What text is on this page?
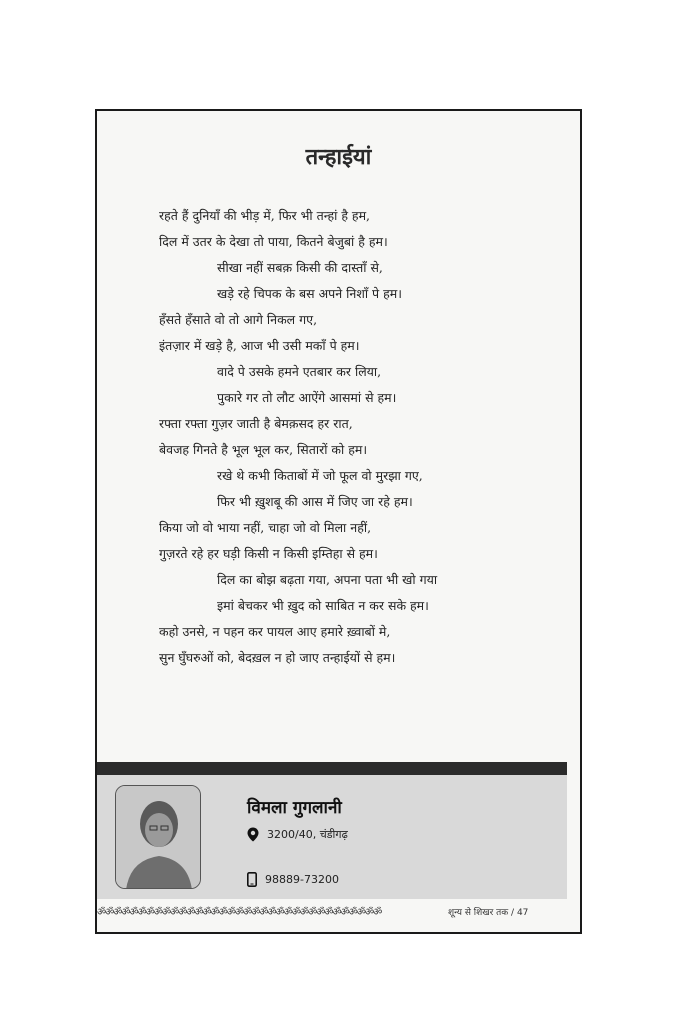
तन्हाईयां
रहते हैं दुनियाँ की भीड़ में, फिर भी तन्हां है हम,
दिल में उतर के देखा तो पाया, कितने बेजुबां है हम।
सीखा नहीं सबक़ किसी की दास्ताँ से,
खड़े रहे चिपक के बस अपने निशाँ पे हम।
हँसते हँसाते वो तो आगे निकल गए,
इंतज़ार में खड़े है, आज भी उसी मकाँ पे हम।
वादे पे उसके हमने एतबार कर लिया,
पुकारे गर तो लौट आऐंगे आसमां से हम।
रफ्ता रफ्ता गुज़र जाती है बेमक़सद हर रात,
बेवजह गिनते है भूल भूल कर, सितारों को हम।
रखे थे कभी किताबों में जो फूल वो मुरझा गए,
फिर भी ख़ुशबू की आस में जिए जा रहे हम।
किया जो वो भाया नहीं, चाहा जो वो मिला नहीं,
गुज़रते रहे हर घड़ी किसी न किसी इम्तिहा से हम।
दिल का बोझ बढ़ता गया, अपना पता भी खो गया
इमां बेचकर भी ख़ुद को साबित न कर सके हम।
कहो उनसे, न पहन कर पायल आए हमारे ख़्वाबों मे,
सुन घुँघरुओं को, बेदख़ल न हो जाए तन्हाईयों से हम।
विमला गुगलानी
3200/40, चंडीगढ़
98889-73200
ॐॐॐॐॐॐॐॐॐॐॐॐॐॐॐॐॐॐॐॐॐॐॐॐॐॐॐॐॐॐॐॐॐॐॐ	शून्य से शिखर तक / 47
